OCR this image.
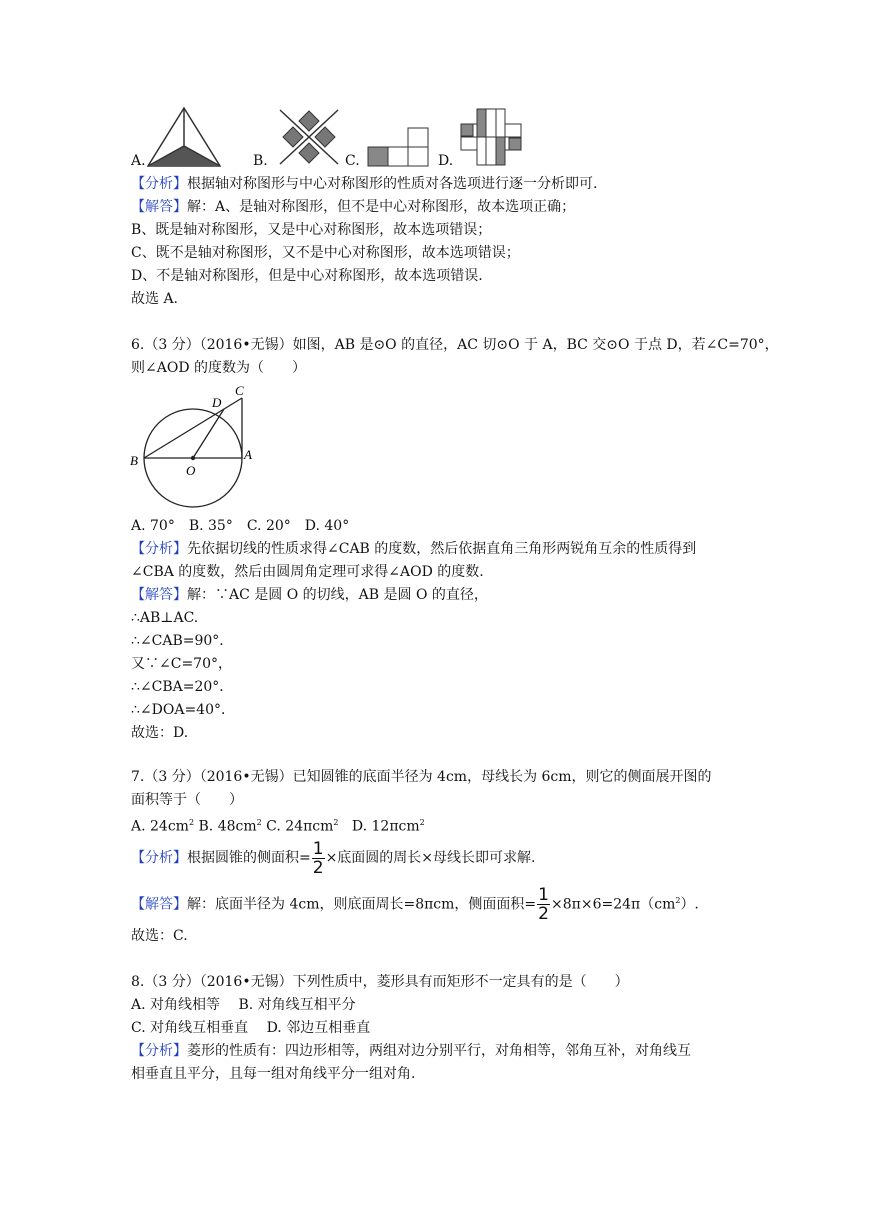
A.	B.	C.	D.
【分析】根据轴对称图形与中心对称图形的性质对各选项进行逐一分析即可.
【解答】解：A、是轴对称图形，但不是中心对称图形，故本选项正确；
B、既是轴对称图形，又是中心对称图形，故本选项错误；
C、既不是轴对称图形，又不是中心对称图形，故本选项错误；
D、不是轴对称图形，但是中心对称图形，故本选项错误.
故选 A.
6.（3 分）（2016•无锡）如图，AB 是⊙O 的直径，AC 切⊙O 于 A，BC 交⊙O 于点 D，若∠C=70°，
则∠AOD 的度数为（　　）
B
O
A
D
C
A. 70°　B. 35°　C. 20°　D. 40°
【分析】先依据切线的性质求得∠CAB 的度数，然后依据直角三角形两锐角互余的性质得到
∠CBA 的度数，然后由圆周角定理可求得∠AOD 的度数.
【解答】解：∵AC 是圆 O 的切线，AB 是圆 O 的直径，
∴AB⊥AC.
∴∠CAB=90°．
又∵∠C=70°，
∴∠CBA=20°．
∴∠DOA=40°．
故选：D.
7.（3 分）（2016•无锡）已知圆锥的底面半径为 4cm，母线长为 6cm，则它的侧面展开图的
面积等于（　　）
A. $24cm^2$ B. $48cm^2$ C. 24πcm$^2$ D. 12πcm$^2$
【分析】根据圆锥的侧面积= $\frac{1}{2}$ ×底面圆的周长×母线长即可求解.
【解答】解：底面半径为 4cm，则底面周长=8πcm，侧面面积= $\frac{1}{2} \times 8\pi\times 6=24\pi(cm^2)$.
故选：C.
8.（3 分）（2016•无锡）下列性质中，菱形具有而矩形不一定具有的是（　　）
A. 对角线相等　 B. 对角线互相平分
C. 对角线互相垂直　 D. 邻边互相垂直
【分析】菱形的性质有：四边形相等，两组对边分别平行，对角相等，邻角互补，对角线互
相垂直且平分，且每一组对角线平分一组对角.
